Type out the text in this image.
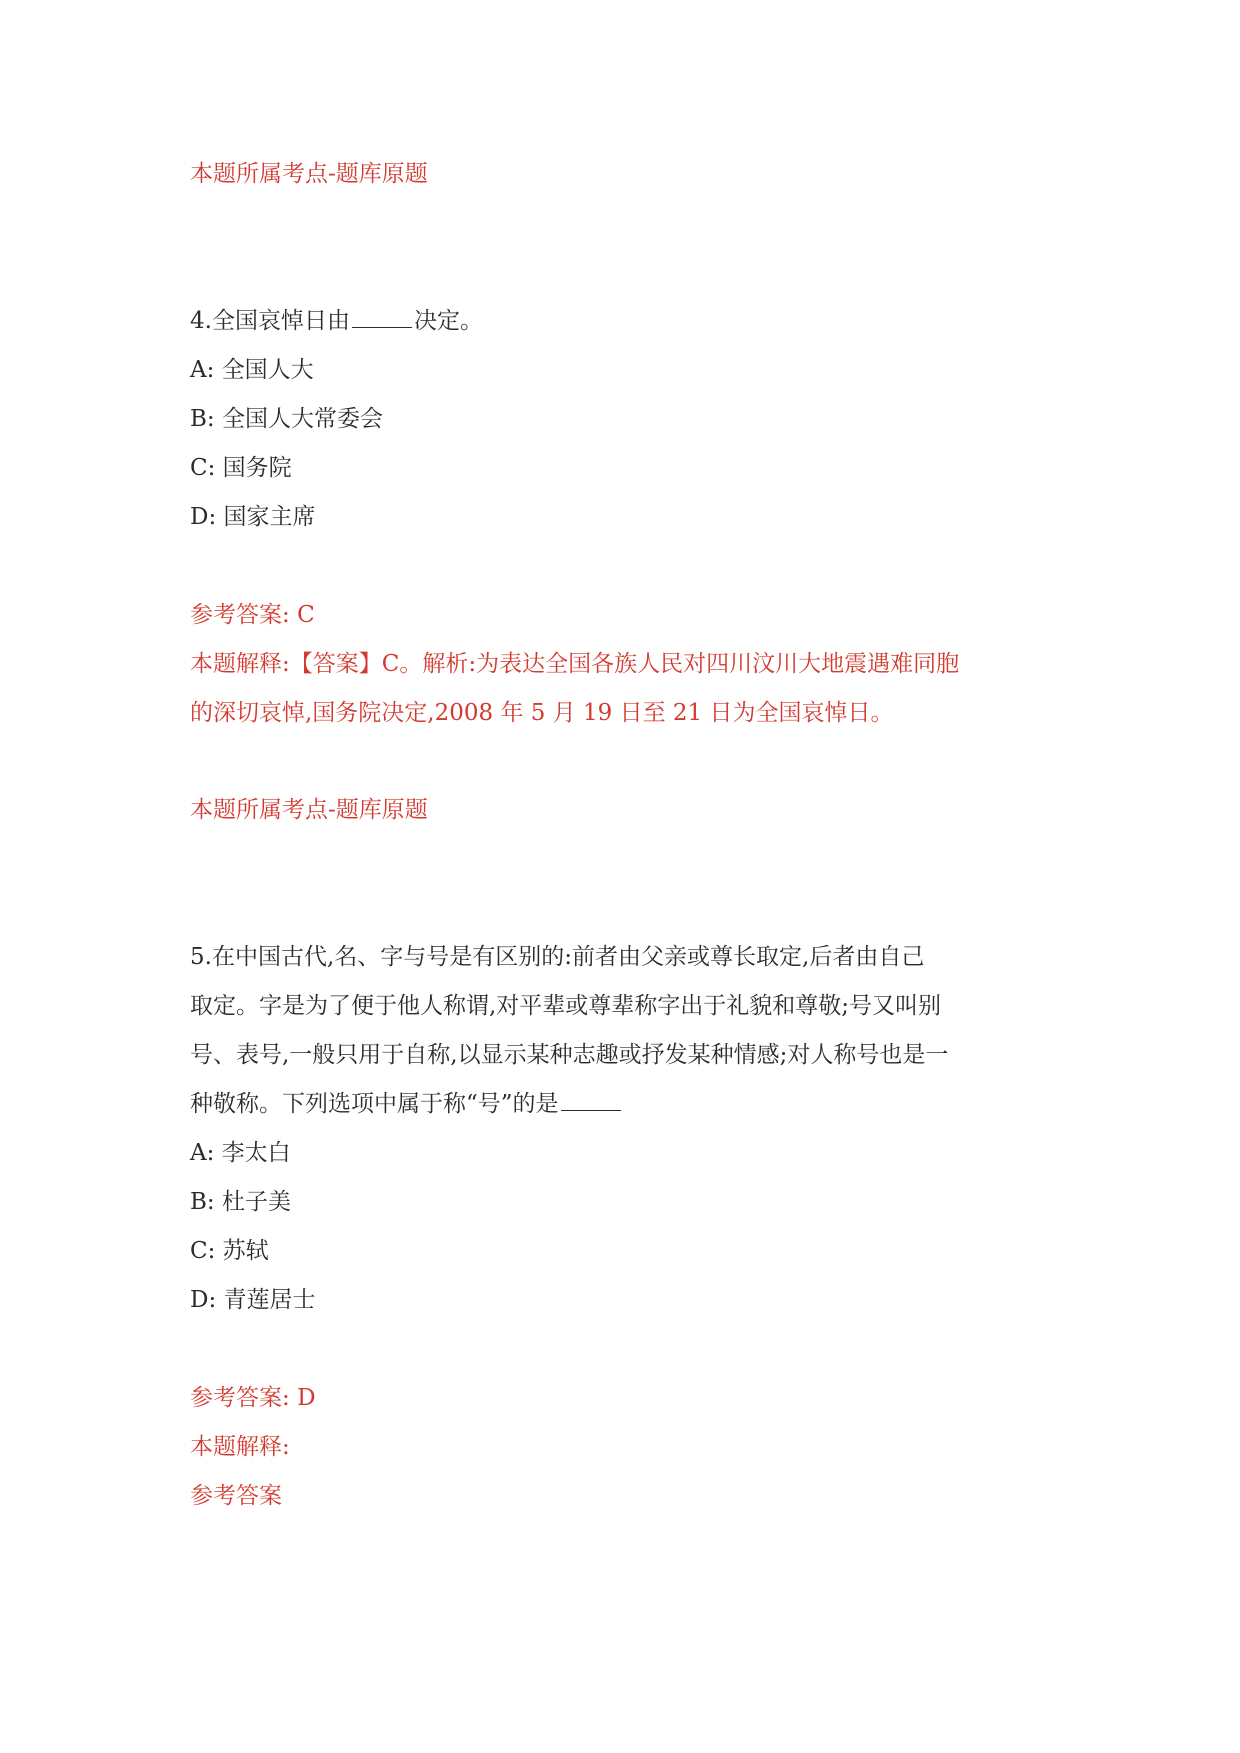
本题所属考点-题库原题
4.全国哀悼日由	决定。
A: 全国人大
B: 全国人大常委会
C: 国务院
D: 国家主席
参考答案: C
本题解释:【答案】C。解析:为表达全国各族人民对四川汶川大地震遇难同胞
的深切哀悼,国务院决定,2008 年 5 月 19 日至 21 日为全国哀悼日。
本题所属考点-题库原题
5.在中国古代,名、字与号是有区别的:前者由父亲或尊长取定,后者由自己
取定。字是为了便于他人称谓,对平辈或尊辈称字出于礼貌和尊敬;号又叫别
号、表号,一般只用于自称,以显示某种志趣或抒发某种情感;对人称号也是一
种敬称。下列选项中属于称“号”的是
A: 李太白
B: 杜子美
C: 苏轼
D: 青莲居士
参考答案: D
本题解释:
参考答案
